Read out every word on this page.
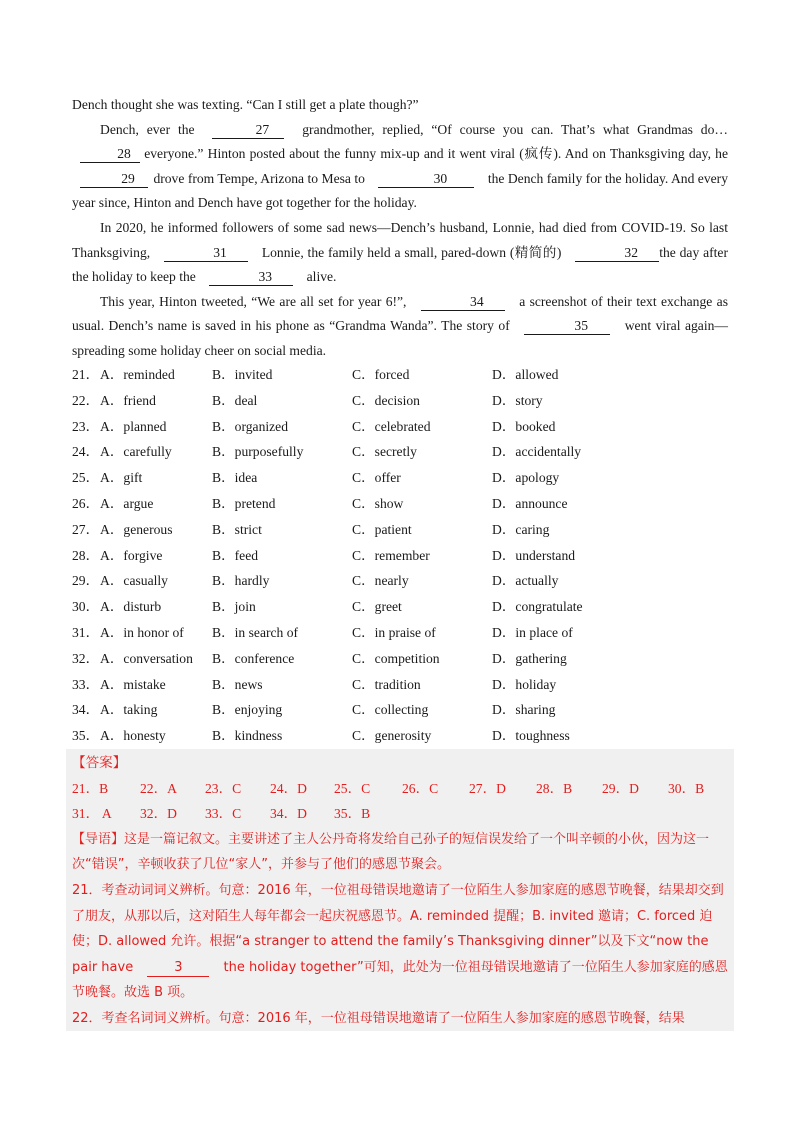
Dench thought she was texting. “Can I still get a plate though?”

Dench, ever the	27 grandmother, replied, “Of course you can. That’s what Grandmas do… 28 everyone.” Hinton posted about the funny mix-up and it went viral (疯传). And on Thanksgiving day, he 29 drove from Tempe, Arizona to Mesa to	30	the Dench family for the holiday. And every year since, Hinton and Dench have got together for the holiday.

In 2020, he informed followers of some sad news—Dench’s husband, Lonnie, had died from COVID-19. So last Thanksgiving,	31	Lonnie, the family held a small, pared-down (精简的)	32 the day after the holiday to keep the	33	alive.

This year, Hinton tweeted, “We are all set for year 6!”,	34	a screenshot of their text exchange as usual. Dench’s name is saved in his phone as “Grandma Wanda”. The story of	35	went viral again—spreading some holiday cheer on social media.

21． A．reminded	B．invited	C．forced	D．allowed
22． A．friend	B．deal	C．decision	D．story
23． A．planned	B．organized	C．celebrated	D．booked
24． A．carefully	B．purposefully	C．secretly	D．accidentally
25． A．gift	B．idea	C．offer	D．apology
26． A．argue	B．pretend	C．show	D．announce
27． A．generous	B．strict	C．patient	D．caring
28． A．forgive	B．feed	C．remember	D．understand
29． A．casually	B．hardly	C．nearly	D．actually
30． A．disturb	B．join	C．greet	D．congratulate
31． A．in honor of B．in search of	C．in praise of	D．in place of
32． A．conversation B．conference	C．competition	D．gathering
33． A．mistake	B．news	C．tradition	D．holiday
34． A．taking	B．enjoying	C．collecting	D．sharing
35． A．honesty	B．kindness	C．generosity	D．toughness

【答案】

21．B 22．A 23．C 24．D 25．C 26．C 27．D 28．B 29．D 30．B
31． A 32．D 33．C 34．D 35．B

【导语】这是一篇记叙文。主要讲述了主人公丹奇将发给自己孙子的短信误发给了一个叫辛顿的小伙，因为这一次“错误”，辛顿收获了几位“家人”，并参与了他们的感恩节聚会。

21．考查动词词义辨析。句意：2016 年，一位祖母错误地邀请了一位陌生人参加家庭的感恩节晚餐，结果却交到了朋友，从那以后，这对陌生人每年都会一起庆祝感恩节。A. reminded 提醒；B. invited 邀请；C. forced 迫使；D. allowed 允许。根据“a stranger to attend the family’s Thanksgiving dinner”以及下文“now the pair have	3	the holiday together”可知，此处为一位祖母错误地邀请了一位陌生人参加家庭的感恩节晚餐。故选 B 项。

22．考查名词词义辨析。句意：2016 年，一位祖母错误地邀请了一位陌生人参加家庭的感恩节晚餐，结果
